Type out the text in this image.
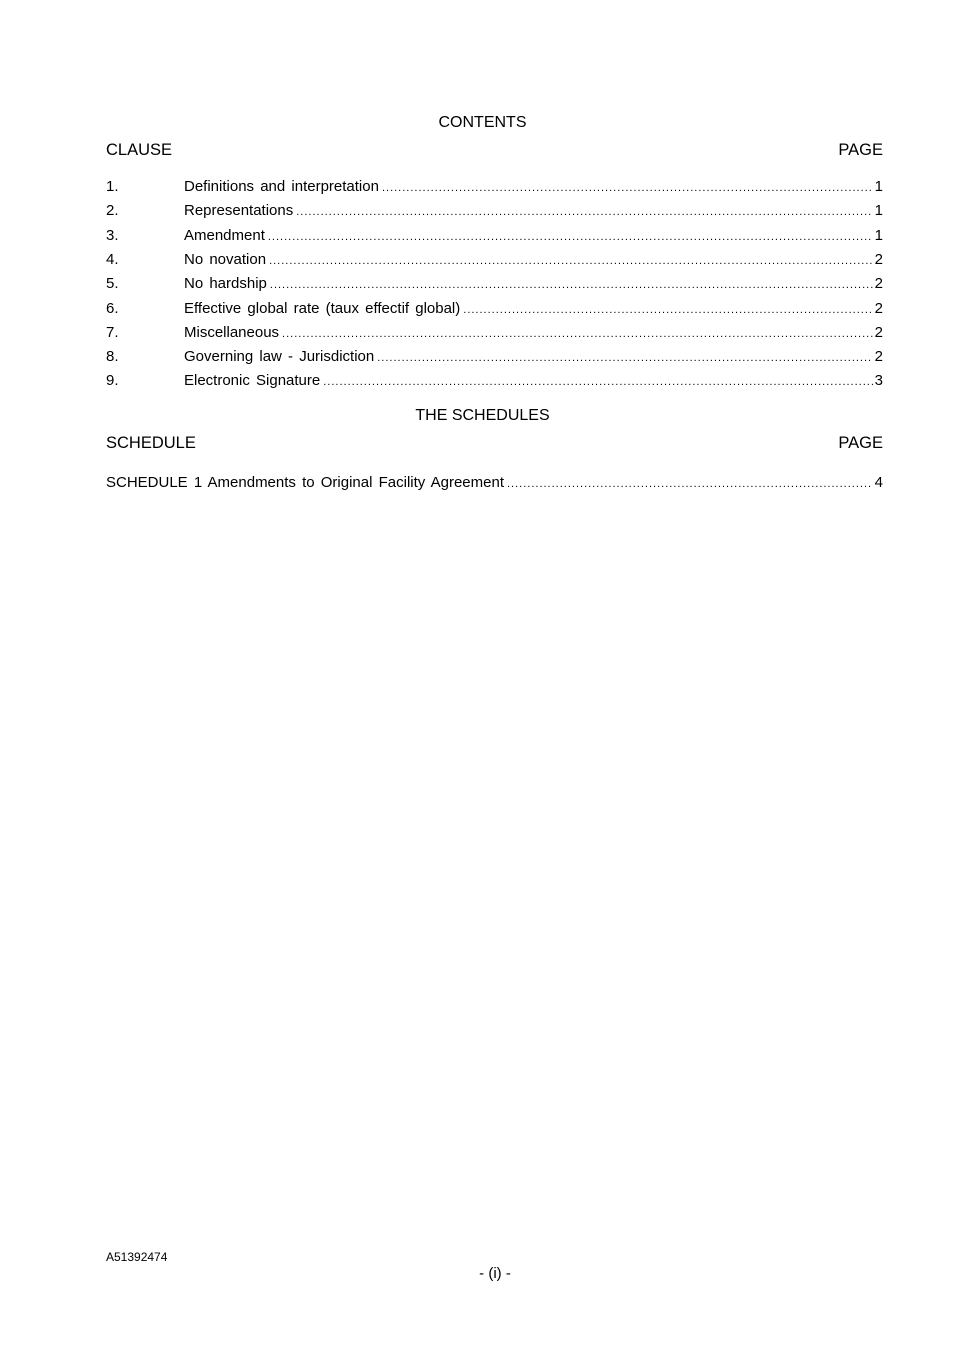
CONTENTS
CLAUSE	PAGE
1.	Definitions and interpretation .....	1
2.	Representations .....	1
3.	Amendment .....	1
4.	No novation .....	2
5.	No hardship .....	2
6.	Effective global rate (taux effectif global) .....	2
7.	Miscellaneous .....	2
8.	Governing law - Jurisdiction .....	2
9.	Electronic Signature .....	3
THE SCHEDULES
SCHEDULE	PAGE
SCHEDULE 1 Amendments to Original Facility Agreement .....	4
A51392474
- (i) -
